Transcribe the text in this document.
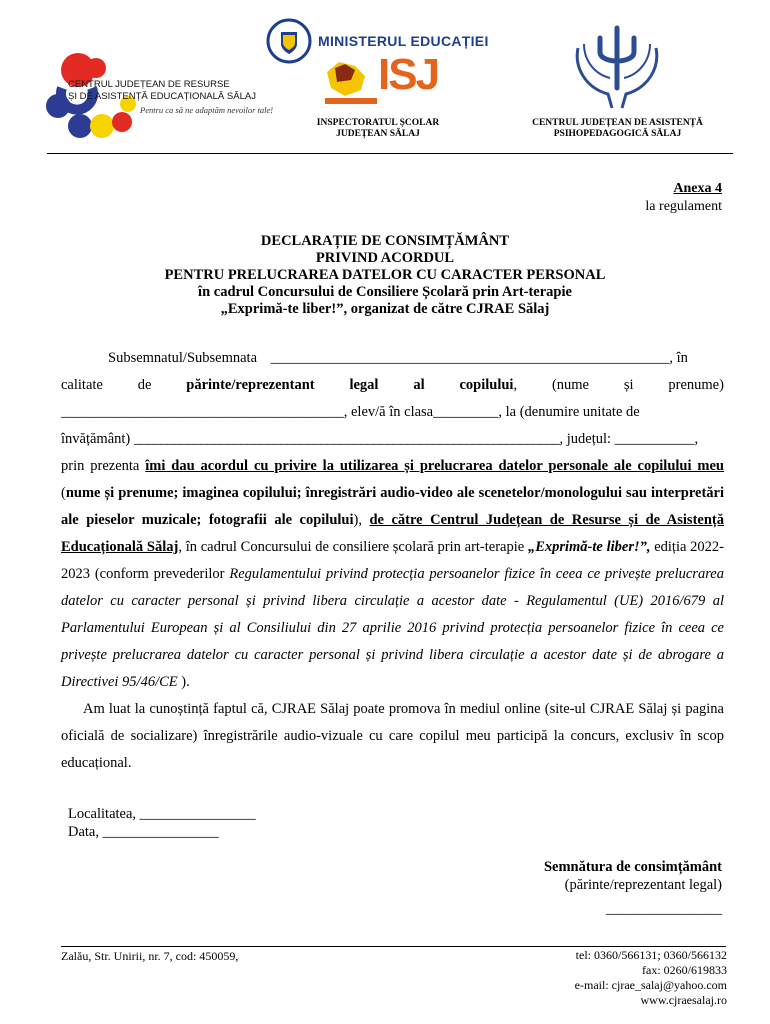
CENTRUL JUDEȚEAN DE RESURSE
ȘI DE ASISTENȚĂ EDUCAȚIONALĂ SĂLAJ
Pentru ca să ne adaptăm nevoilor tale!
MINISTERUL EDUCAȚIEI
ISJ
INSPECTORATUL ȘCOLAR
JUDEȚEAN SĂLAJ
CENTRUL JUDEȚEAN DE ASISTENȚĂ
PSIHOPEDAGOGICĂ SĂLAJ
Anexa 4
la regulament
DECLARAȚIE DE CONSIMȚĂMÂNT
PRIVIND ACORDUL
PENTRU PRELUCRAREA DATELOR CU CARACTER PERSONAL
în cadrul Concursului de Consiliere Școlară prin Art-terapie
„Exprimă-te liber!”, organizat de către CJRAE Sălaj
Subsemnatul/Subsemnata _______________________________________________________, în
calitate de părinte/reprezentant legal al copilului, (nume și prenume)
_______________________________________, elev/ă în clasa_________, la (denumire unitate de
învățământ) ________________________________________________________________, județul: ___________,

prin prezenta îmi dau acordul cu privire la utilizarea și prelucrarea datelor personale ale copilului meu (nume și prenume; imaginea copilului; înregistrări audio-video ale scenetelor/monologului sau interpretări ale pieselor muzicale; fotografii ale copilului), de către Centrul Județean de Resurse și de Asistență Educațională Sălaj, în cadrul Concursului de consiliere școlară prin art-terapie „Exprimă-te liber!”, ediția 2022-2023 (conform prevederilor Regulamentului privind protecția persoanelor fizice în ceea ce privește prelucrarea datelor cu caracter personal și privind libera circulație a acestor date - Regulamentul (UE) 2016/679 al Parlamentului European și al Consiliului din 27 aprilie 2016 privind protecția persoanelor fizice în ceea ce privește prelucrarea datelor cu caracter personal și privind libera circulație a acestor date și de abrogare a Directivei 95/46/CE ).

Am luat la cunoștință faptul că, CJRAE Sălaj poate promova în mediul online (site-ul CJRAE Sălaj și pagina oficială de socializare) înregistrările audio-vizuale cu care copilul meu participă la concurs, exclusiv în scop educațional.

Localitatea, ________________
Data, ________________
Semnătura de consimțământ
(părinte/reprezentant legal)
________________
Zalău, Str. Unirii, nr. 7, cod: 450059,	tel: 0360/566131; 0360/566132
fax: 0260/619833
e-mail: cjrae_salaj@yahoo.com
www.cjraesalaj.ro
